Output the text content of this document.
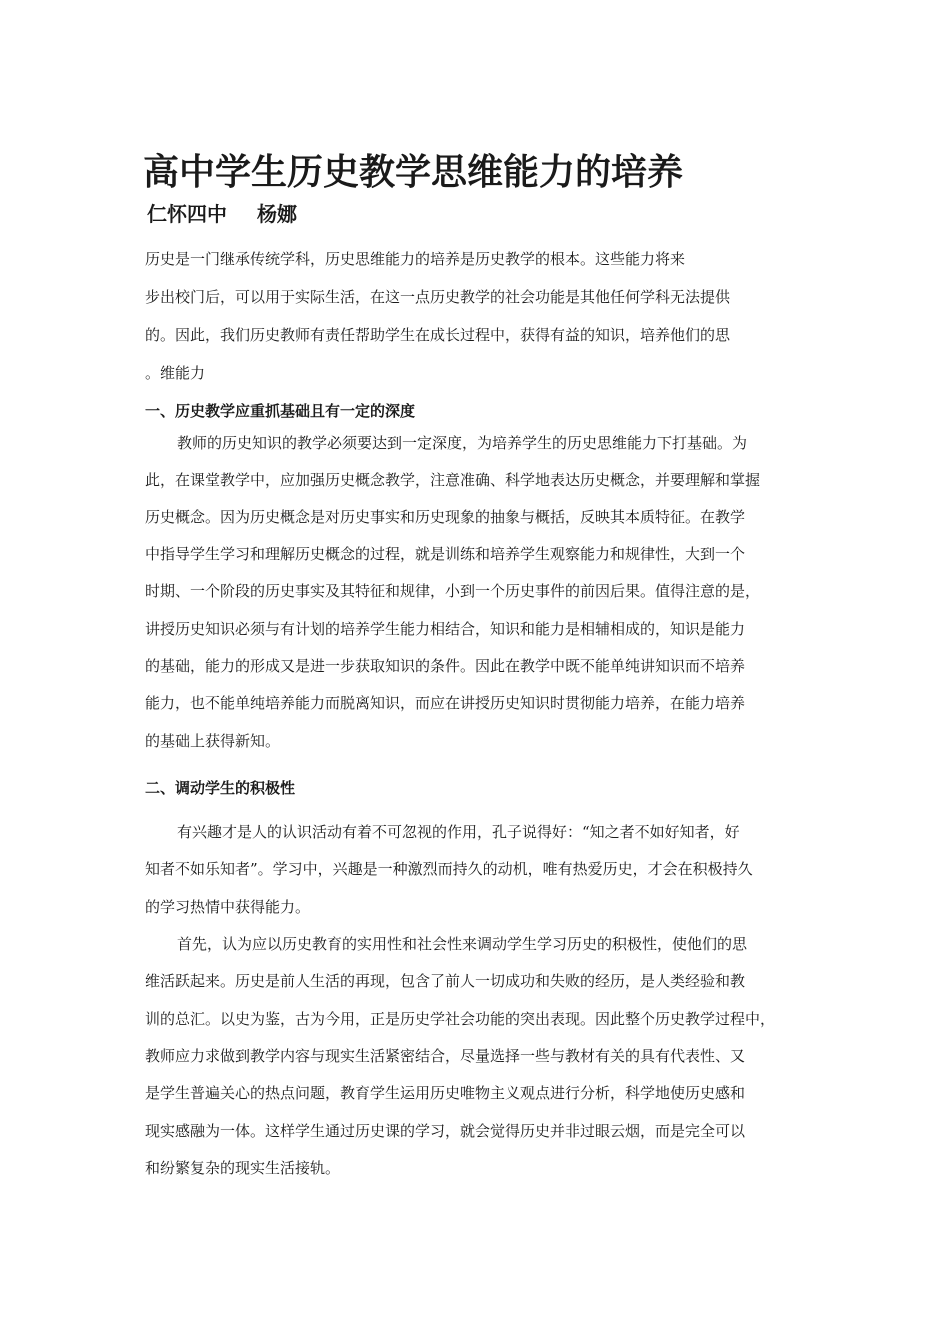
高中学生历史教学思维能力的培养
仁怀四中 杨娜
历史是一门继承传统学科，历史思维能力的培养是历史教学的根本。这些能力将来
步出校门后，可以用于实际生活，在这一点历史教学的社会功能是其他任何学科无法提供
的。因此，我们历史教师有责任帮助学生在成长过程中，获得有益的知识，培养他们的思
。维能力
一、历史教学应重抓基础且有一定的深度
教师的历史知识的教学必须要达到一定深度，为培养学生的历史思维能力下打基础。为
此，在课堂教学中，应加强历史概念教学，注意准确、科学地表达历史概念，并要理解和掌握
历史概念。因为历史概念是对历史事实和历史现象的抽象与概括，反映其本质特征。在教学
中指导学生学习和理解历史概念的过程，就是训练和培养学生观察能力和规律性，大到一个
时期、一个阶段的历史事实及其特征和规律，小到一个历史事件的前因后果。值得注意的是，
讲授历史知识必须与有计划的培养学生能力相结合，知识和能力是相辅相成的，知识是能力
的基础，能力的形成又是进一步获取知识的条件。因此在教学中既不能单纯讲知识而不培养
能力，也不能单纯培养能力而脱离知识，而应在讲授历史知识时贯彻能力培养，在能力培养
的基础上获得新知。
二、调动学生的积极性
有兴趣才是人的认识活动有着不可忽视的作用，孔子说得好：“知之者不如好知者，好
知者不如乐知者”。学习中，兴趣是一种激烈而持久的动机，唯有热爱历史，才会在积极持久
的学习热情中获得能力。
首先，认为应以历史教育的实用性和社会性来调动学生学习历史的积极性，使他们的思
维活跃起来。历史是前人生活的再现，包含了前人一切成功和失败的经历，是人类经验和教
训的总汇。以史为鉴，古为今用，正是历史学社会功能的突出表现。因此整个历史教学过程中，
教师应力求做到教学内容与现实生活紧密结合，尽量选择一些与教材有关的具有代表性、又
是学生普遍关心的热点问题，教育学生运用历史唯物主义观点进行分析，科学地使历史感和
现实感融为一体。这样学生通过历史课的学习，就会觉得历史并非过眼云烟，而是完全可以
和纷繁复杂的现实生活接轨。
